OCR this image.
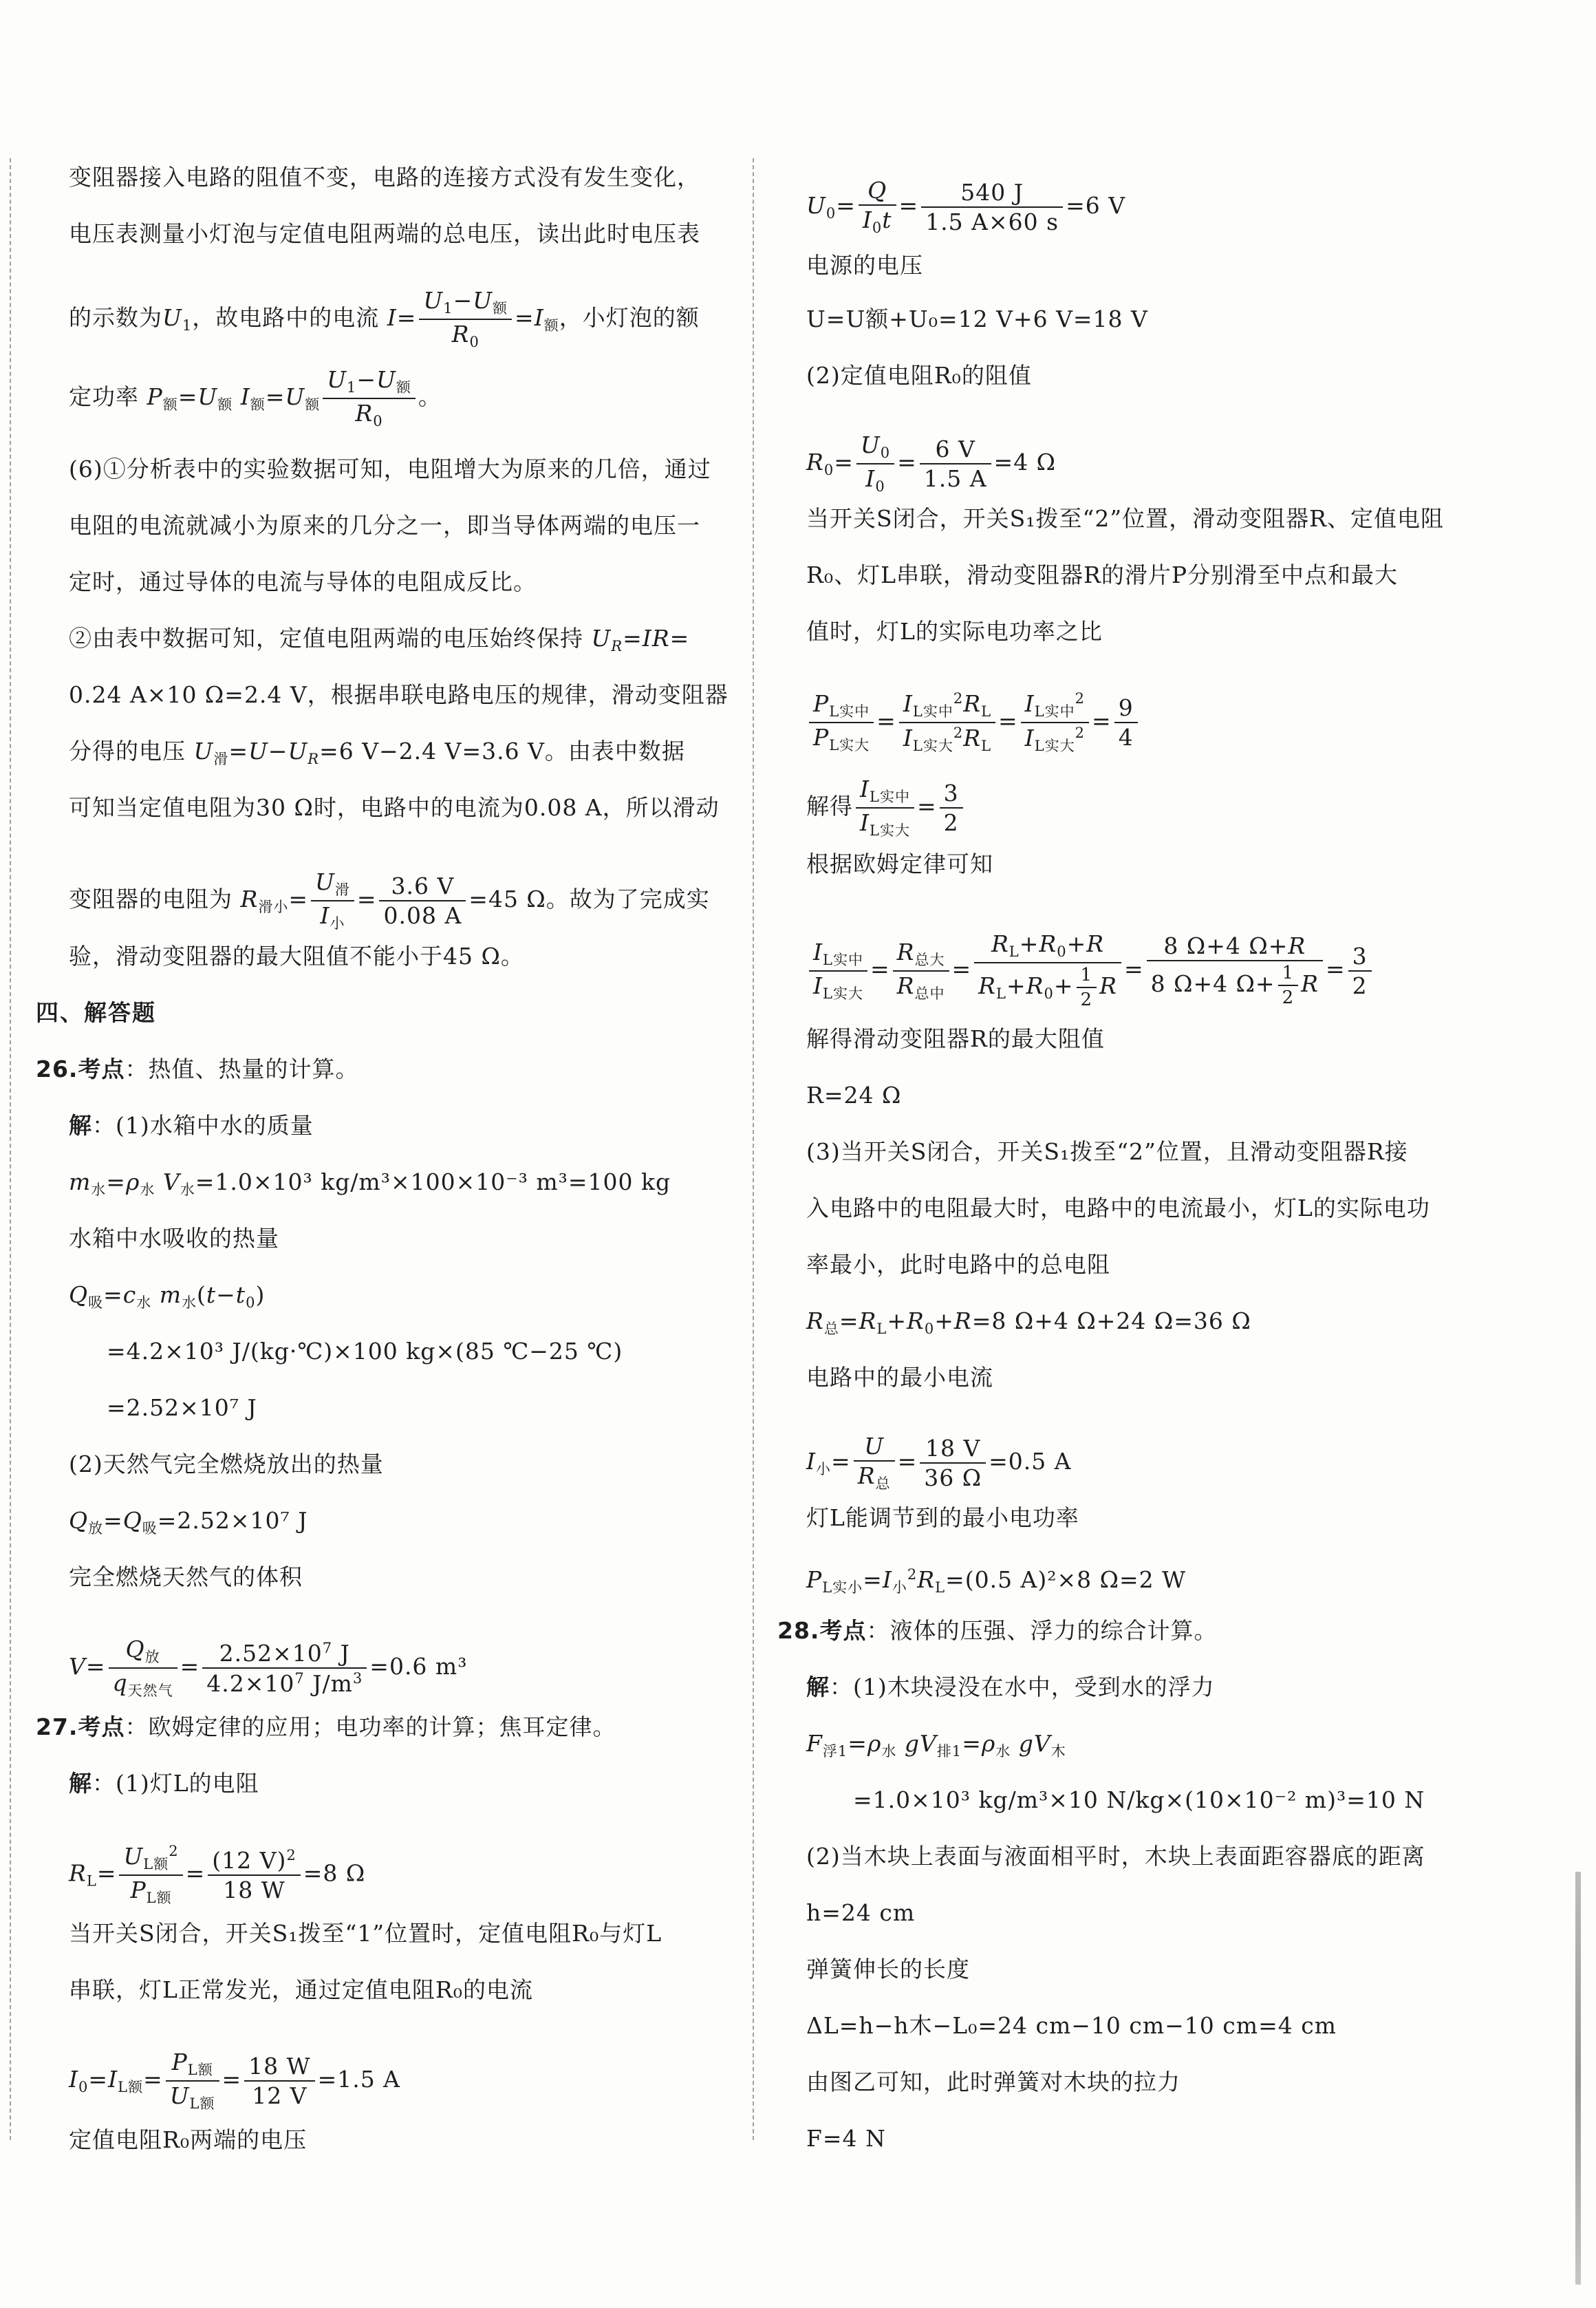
变阻器接入电路的阻值不变，电路的连接方式没有发生变化，
电压表测量小灯泡与定值电阻两端的总电压，读出此时电压表
的示数为$U_1$，故电路中的电流 I=
$U_1-U_额$
$R_0$
$=I_额$，小灯泡的额
定功率 $P_额=U_额$ $I_额=U_额$
$U_1-U_额$
$R_0$
。
(6)①分析表中的实验数据可知，电阻增大为原来的几倍，通过
电阻的电流就减小为原来的几分之一，即当导体两端的电压一
定时，通过导体的电流与导体的电阻成反比。
②由表中数据可知，定值电阻两端的电压始终保持 $U_R=IR=$
0.24 A×10 Ω=2.4 V，根据串联电路电压的规律，滑动变阻器
分得的电压 $U_滑=U-U_R=6$ V−2.4 V=3.6 V。由表中数据
可知当定值电阻为30 Ω时，电路中的电流为0.08 A，所以滑动
变阻器的电阻为 $R_{滑小}=$
$U_滑$
$I_小$
= $\frac{3.6 V}{0.08 A} =45$ Ω。故为了完成实
验，滑动变阻器的最大阻值不能小于45 Ω。
四、解答题
26.考点：热值、热量的计算。
解：(1)水箱中水的质量
$m_水=\rho_水$ $V_水=1.0\times 10^3$ kg/m³×100×10⁻³ m³=100 kg
水箱中水吸收的热量
$Q_吸=c_水$ $m_水(t-t_0)$
=4.2×10³ J/(kg·℃)×100 kg×(85 ℃−25 ℃)
=2.52×10⁷ J
(2)天然气完全燃烧放出的热量
$Q_放=Q_吸=2.52\times 10^7$ J
完全燃烧天然气的体积
V=
$Q_放$
$q_{天然气}$
= $\frac{2.52\times 10^7 J}{4.2\times 10^7 J/m^3} =0.6$ m³
27.考点：欧姆定律的应用；电功率的计算；焦耳定律。
解：(1)灯L的电阻
$R_L=$
$U_{L额}^2$
$P_{L额}$
= $\frac{(12 V)^2}{18 W} =8$ Ω
当开关S闭合，开关S₁拨至“1”位置时，定值电阻R₀与灯L
串联，灯L正常发光，通过定值电阻R₀的电流
$I_0=I_{L额}=$
$P_{L额}$
$U_{L额}$
= $\frac{18 W}{12 V} =1.5$ A
定值电阻R₀两端的电压
$U_0= \frac{Q}{I_0t} = \frac{540 J}{1.5 A\times 60 s} =6$ V
电源的电压
U=U额+U₀=12 V+6 V=18 V
(2)定值电阻R₀的阻值
$R_0= \frac{U_0}{I_0} = \frac{6 V}{1.5 A} =4$ Ω
当开关S闭合，开关S₁拨至“2”位置，滑动变阻器R、定值电阻
R₀、灯L串联，滑动变阻器R的滑片P分别滑至中点和最大
值时，灯L的实际电功率之比
$P_{L实中}$
$P_{L实大}$
=
$I_{L实中}^2R_L$
$I_{L实大}^2R_L$
=
$I_{L实中}^2$
$I_{L实大}^2 = \frac{9}{4}$
解得
$I_{L实中}$
$I_{L实大}$
= $\frac{3}{2}$
根据欧姆定律可知
$I_{L实中}$
$I_{L实大}$
=
$R_{总大}$
$R_{总中}$
= $\frac{R_L+R_0+R}{R_L+R_0+ \frac{1}{2} R} = \frac{8 \Omega+4 \Omega+R}{8 \Omega+4 \Omega+ \frac{1}{2} R} = \frac{3}{2}$
解得滑动变阻器R的最大阻值
R=24 Ω
(3)当开关S闭合，开关S₁拨至“2”位置，且滑动变阻器R接
入电路中的电阻最大时，电路中的电流最小，灯L的实际电功
率最小，此时电路中的总电阻
$R_总=R_L+R_0+R=8$ Ω+4 Ω+24 Ω=36 Ω
电路中的最小电流
$I_小=$
U
$R_总$
= $\frac{18 V}{36 \Omega} =0.5$ A
灯L能调节到的最小电功率
$P_{L实小}=I_小^2R_L=(0.5$ A)²×8 Ω=2 W
28.考点：液体的压强、浮力的综合计算。
解：(1)木块浸没在水中，受到水的浮力
$F_{浮1}=\rho_水$ $gV_{排1}=\rho_水$ $gV_木$
=1.0×10³ kg/m³×10 N/kg×(10×10⁻² m)³=10 N
(2)当木块上表面与液面相平时，木块上表面距容器底的距离
h=24 cm
弹簧伸长的长度
ΔL=h−h木−L₀=24 cm−10 cm−10 cm=4 cm
由图乙可知，此时弹簧对木块的拉力
F=4 N
